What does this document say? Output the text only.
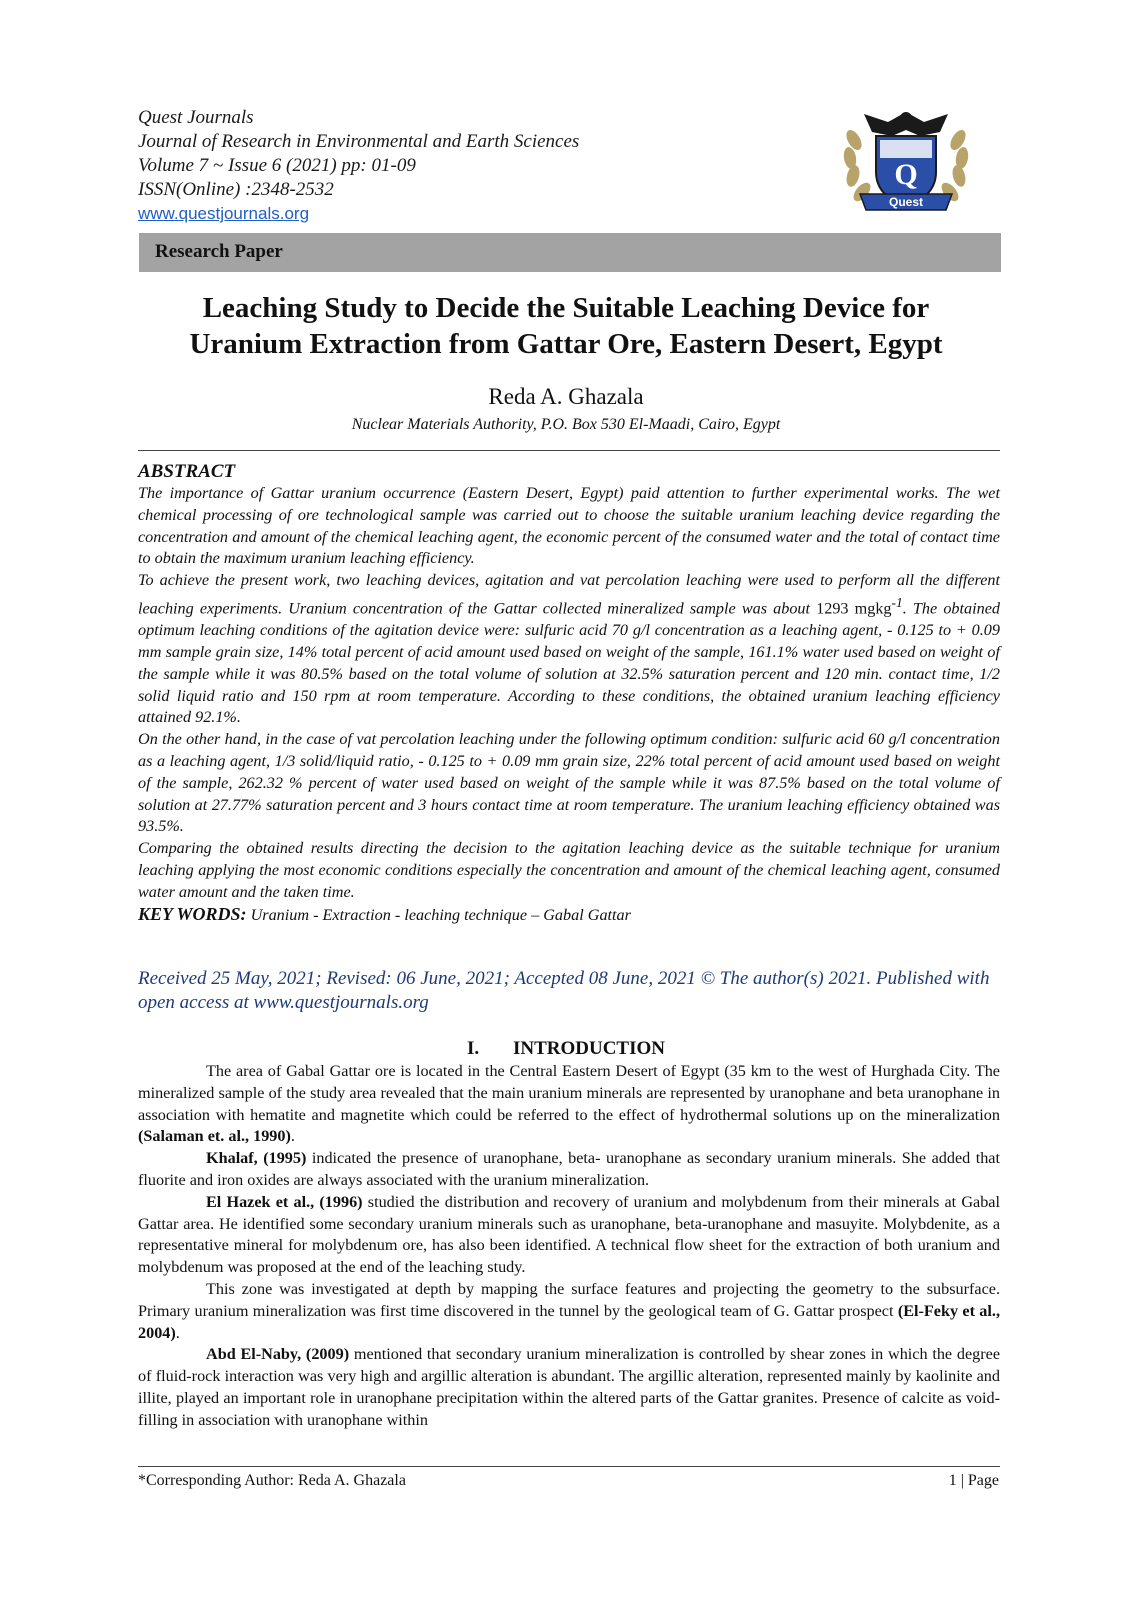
Quest Journals
Journal of Research in Environmental and Earth Sciences
Volume 7 ~ Issue 6 (2021) pp: 01-09
ISSN(Online) :2348-2532
www.questjournals.org
Q
Quest
Research Paper
Leaching Study to Decide the Suitable Leaching Device for
Uranium Extraction from Gattar Ore, Eastern Desert, Egypt
Reda A. Ghazala
Nuclear Materials Authority, P.O. Box 530 El-Maadi, Cairo, Egypt

ABSTRACT

The importance of Gattar uranium occurrence (Eastern Desert, Egypt) paid attention to further experimental works. The wet chemical processing of ore technological sample was carried out to choose the suitable uranium leaching device regarding the concentration and amount of the chemical leaching agent, the economic percent of the consumed water and the total of contact time to obtain the maximum uranium leaching efficiency.

To achieve the present work, two leaching devices, agitation and vat percolation leaching were used to perform all the different leaching experiments. Uranium concentration of the Gattar collected mineralized sample was about 1293 mgkg$^{-1}$. The obtained optimum leaching conditions of the agitation device were: sulfuric acid 70 g/l concentration as a leaching agent, - 0.125 to + 0.09 mm sample grain size, 14% total percent of acid amount used based on weight of the sample, 161.1% water used based on weight of the sample while it was 80.5% based on the total volume of solution at 32.5% saturation percent and 120 min. contact time, 1/2 solid liquid ratio and 150 rpm at room temperature. According to these conditions, the obtained uranium leaching efficiency attained 92.1%.

On the other hand, in the case of vat percolation leaching under the following optimum condition: sulfuric acid 60 g/l concentration as a leaching agent, 1/3 solid/liquid ratio, - 0.125 to + 0.09 mm grain size, 22% total percent of acid amount used based on weight of the sample, 262.32 % percent of water used based on weight of the sample while it was 87.5% based on the total volume of solution at 27.77% saturation percent and 3 hours contact time at room temperature. The uranium leaching efficiency obtained was 93.5%.

Comparing the obtained results directing the decision to the agitation leaching device as the suitable technique for uranium leaching applying the most economic conditions especially the concentration and amount of the chemical leaching agent, consumed water amount and the taken time.

KEY WORDS: Uranium - Extraction - leaching technique – Gabal Gattar

Received 25 May, 2021; Revised: 06 June, 2021; Accepted 08 June, 2021 © The author(s) 2021. Published with open access at www.questjournals.org
I. INTRODUCTION

The area of Gabal Gattar ore is located in the Central Eastern Desert of Egypt (35 km to the west of Hurghada City. The mineralized sample of the study area revealed that the main uranium minerals are represented by uranophane and beta uranophane in association with hematite and magnetite which could be referred to the effect of hydrothermal solutions up on the mineralization (Salaman et. al., 1990).

Khalaf, (1995) indicated the presence of uranophane, beta- uranophane as secondary uranium minerals. She added that fluorite and iron oxides are always associated with the uranium mineralization.

El Hazek et al., (1996) studied the distribution and recovery of uranium and molybdenum from their minerals at Gabal Gattar area. He identified some secondary uranium minerals such as uranophane, beta-uranophane and masuyite. Molybdenite, as a representative mineral for molybdenum ore, has also been identified. A technical flow sheet for the extraction of both uranium and molybdenum was proposed at the end of the leaching study.

This zone was investigated at depth by mapping the surface features and projecting the geometry to the subsurface. Primary uranium mineralization was first time discovered in the tunnel by the geological team of G. Gattar prospect (El-Feky et al., 2004).

Abd El-Naby, (2009) mentioned that secondary uranium mineralization is controlled by shear zones in which the degree of fluid-rock interaction was very high and argillic alteration is abundant. The argillic alteration, represented mainly by kaolinite and illite, played an important role in uranophane precipitation within the altered parts of the Gattar granites. Presence of calcite as void-filling in association with uranophane within

*Corresponding Author: Reda A. Ghazala	1 | Page
